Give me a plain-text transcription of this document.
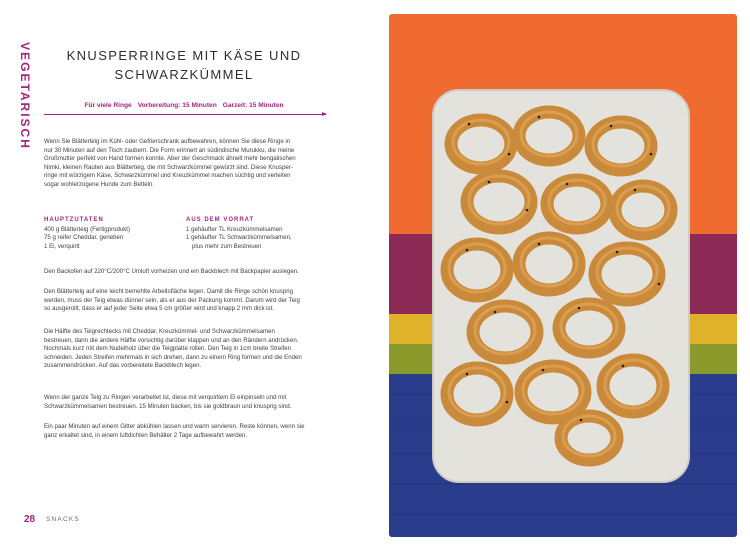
VEGETARISCH	KNUSPERRINGE MIT KÄSE UND
SCHWARZKÜMMEL
Für viele Ringe Vorbereitung: 15 Minuten Garzeit: 15 Minuten
Wenn Sie Blätterteig im Kühl- oder Gefrierschrank aufbewahren, können Sie diese Ringe in
nur 30 Minuten auf den Tisch zaubern. Die Form erinnert an südindische Murukku, die meine
Großmutter perfekt von Hand formen konnte. Aber der Geschmack ähnelt mehr bengalischen
Nimki, kleinen Rauten aus Blätterteig, die mit Schwarzkümmel gewürzt sind. Diese Knusper-
ringe mit würzigem Käse, Schwarzkümmel und Kreuzkümmel machen süchtig und verleiten
sogar wohlerzogene Hunde zum Betteln.
HAUPTZUTATEN
400 g Blätterteig (Fertigprodukt)
75 g reifer Cheddar, gerieben
1 Ei, verquirlt
AUS DEM VORRAT
1 gehäufter TL Kreuzkümmelsamen
1 gehäufter TL Schwarzkümmelsamen,
plus mehr zum Bestreuen
Den Backofen auf 220°C/200°C Umluft vorheizen und ein Backblech mit Backpapier auslegen.
Den Blätterteig auf eine leicht bemehlte Arbeitsfläche legen. Damit die Ringe schön knusprig
werden, muss der Teig etwas dünner sein, als er aus der Packung kommt. Darum wird der Teig
so ausgerollt, dass er auf jeder Seite etwa 5 cm größer wird und knapp 2 mm dick ist.
Die Hälfte des Teigrechtecks mit Cheddar, Kreuzkümmel- und Schwarzkümmelsamen
bestreuen, dann die andere Hälfte vorsichtig darüber klappen und an den Rändern andrücken.
Nochmals kurz mit dem Nudelholz über die Teigplatte rollen. Den Teig in 1cm breite Streifen
schneiden. Jeden Streifen mehrmals in sich drehen, dann zu einem Ring formen und die Enden
zusammendrücken. Auf das vorbereitete Backblech legen.
Wenn der ganze Teig zu Ringen verarbeitet ist, diese mit verquirltem Ei einpinseln und mit
Schwarzkümmelsamen bestreuen. 15 Minuten backen, bis sie goldbraun und knusprig sind.
Ein paar Minuten auf einem Gitter abkühlen lassen und warm servieren. Reste können, wenn sie
ganz erkaltet sind, in einem luftdichten Behälter 2 Tage aufbewahrt werden.
28 SNACKS
